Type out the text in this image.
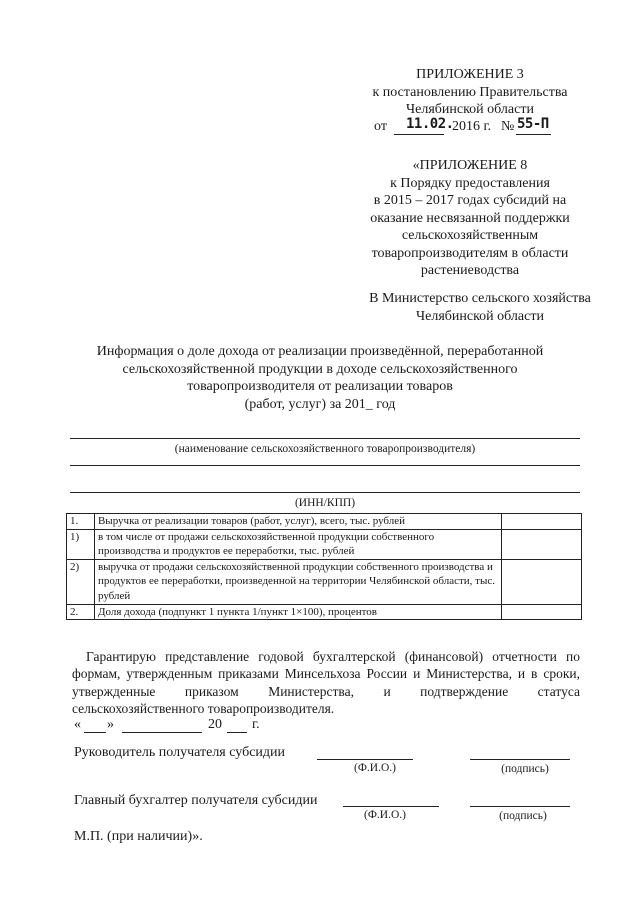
ПРИЛОЖЕНИЕ 3
к постановлению Правительства
Челябинской области
от 11.02.
2016 г. № 55-П
«ПРИЛОЖЕНИЕ 8
к Порядку предоставления
в 2015 – 2017 годах субсидий на
оказание несвязанной поддержки
сельскохозяйственным
товаропроизводителям в области
растениеводства
В Министерство сельского хозяйства
Челябинской области
Информация о доле дохода от реализации произведённой, переработанной
сельскохозяйственной продукции в доходе сельскохозяйственного
товаропроизводителя от реализации товаров
(работ, услуг) за 201_ год
(наименование сельскохозяйственного товаропроизводителя)
(ИНН/КПП)
1.	Выручка от реализации товаров (работ, услуг), всего, тыс. рублей	
1)	в том числе от продажи сельскохозяйственной продукции собственного производства и продуктов ее переработки, тыс. рублей	
2)	выручка от продажи сельскохозяйственной продукции собственного производства и продуктов ее переработки, произведенной на территории Челябинской области, тыс. рублей	
2.	Доля дохода (подпункт 1 пункта 1/пункт 1×100), процентов	
Гарантирую представление годовой бухгалтерской (финансовой) отчетности по формам, утвержденным приказами Минсельхоза России и Министерства, и в сроки, утвержденные приказом Министерства, и подтверждение статуса сельскохозяйственного товаропроизводителя.
« »	20 г.
Руководитель получателя субсидии
(Ф.И.О.)	(подпись)
Главный бухгалтер получателя субсидии
(Ф.И.О.)	(подпись)
М.П. (при наличии)».
